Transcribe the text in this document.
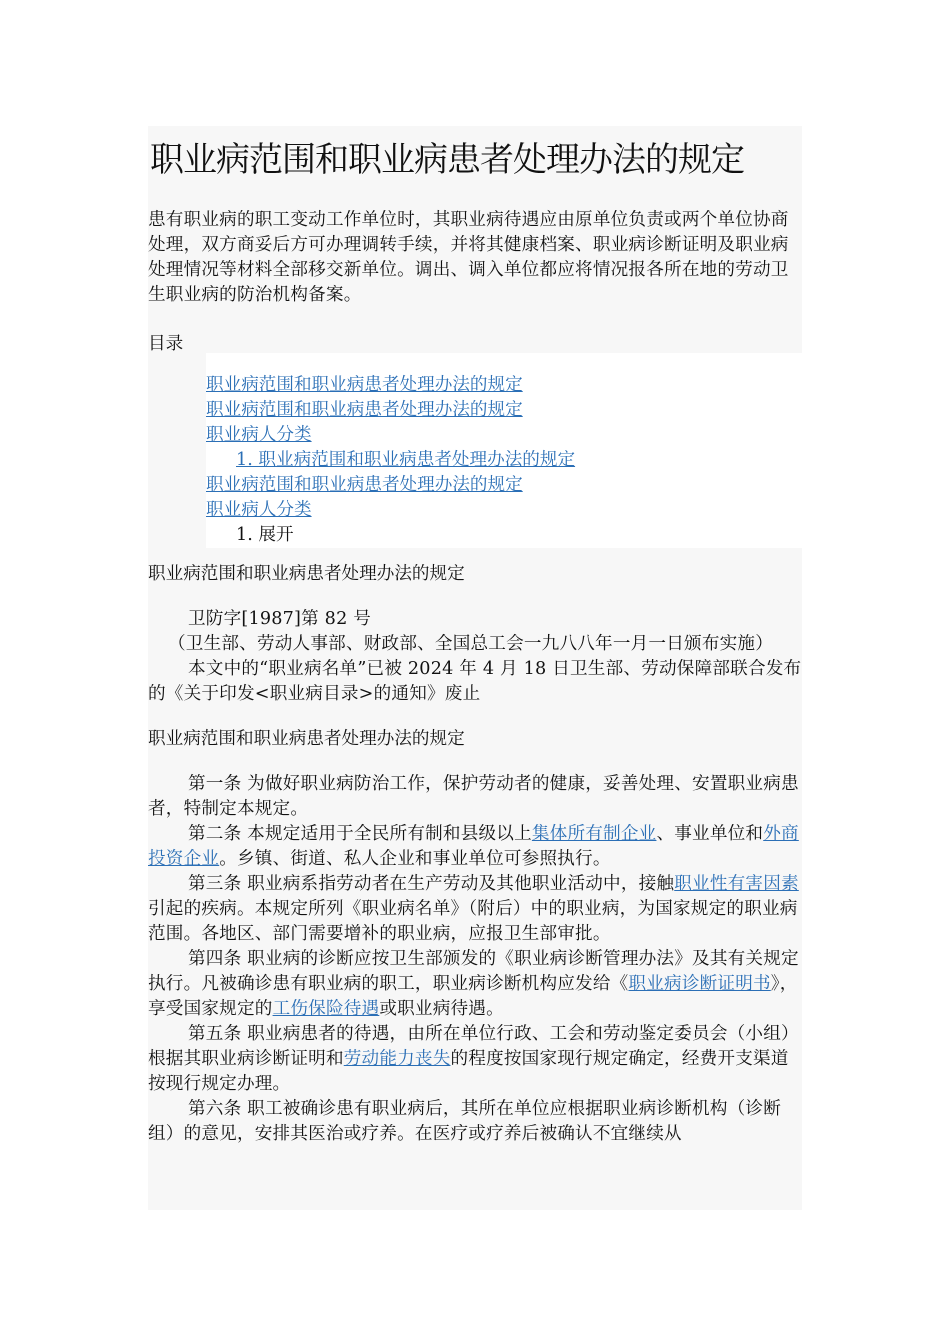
职业病范围和职业病患者处理办法的规定

患有职业病的职工变动工作单位时，其职业病待遇应由原单位负责或两个单位协商处理，双方商妥后方可办理调转手续，并将其健康档案、职业病诊断证明及职业病处理情况等材料全部移交新单位。调出、调入单位都应将情况报各所在地的劳动卫生职业病的防治机构备案。

目录
职业病范围和职业病患者处理办法的规定
职业病范围和职业病患者处理办法的规定
职业病人分类
1. 职业病范围和职业病患者处理办法的规定
职业病范围和职业病患者处理办法的规定
职业病人分类
1. 展开
职业病范围和职业病患者处理办法的规定

卫防字[1987]第 82 号

（卫生部、劳动人事部、财政部、全国总工会一九八八年一月一日颁布实施）

本文中的“职业病名单”已被 2024 年 4 月 18 日卫生部、劳动保障部联合发布的《关于印发<职业病目录>的通知》废止

职业病范围和职业病患者处理办法的规定

第一条 为做好职业病防治工作，保护劳动者的健康，妥善处理、安置职业病患者，特制定本规定。

第二条 本规定适用于全民所有制和县级以上集体所有制企业、事业单位和外商投资企业。乡镇、街道、私人企业和事业单位可参照执行。

第三条 职业病系指劳动者在生产劳动及其他职业活动中，接触职业性有害因素引起的疾病。本规定所列《职业病名单》（附后）中的职业病，为国家规定的职业病范围。各地区、部门需要增补的职业病，应报卫生部审批。

第四条 职业病的诊断应按卫生部颁发的《职业病诊断管理办法》及其有关规定执行。凡被确诊患有职业病的职工，职业病诊断机构应发给《职业病诊断证明书》，享受国家规定的工伤保险待遇或职业病待遇。

第五条 职业病患者的待遇，由所在单位行政、工会和劳动鉴定委员会（小组）根据其职业病诊断证明和劳动能力丧失的程度按国家现行规定确定，经费开支渠道按现行规定办理。

第六条 职工被确诊患有职业病后，其所在单位应根据职业病诊断机构（诊断组）的意见，安排其医治或疗养。在医疗或疗养后被确认不宜继续从
